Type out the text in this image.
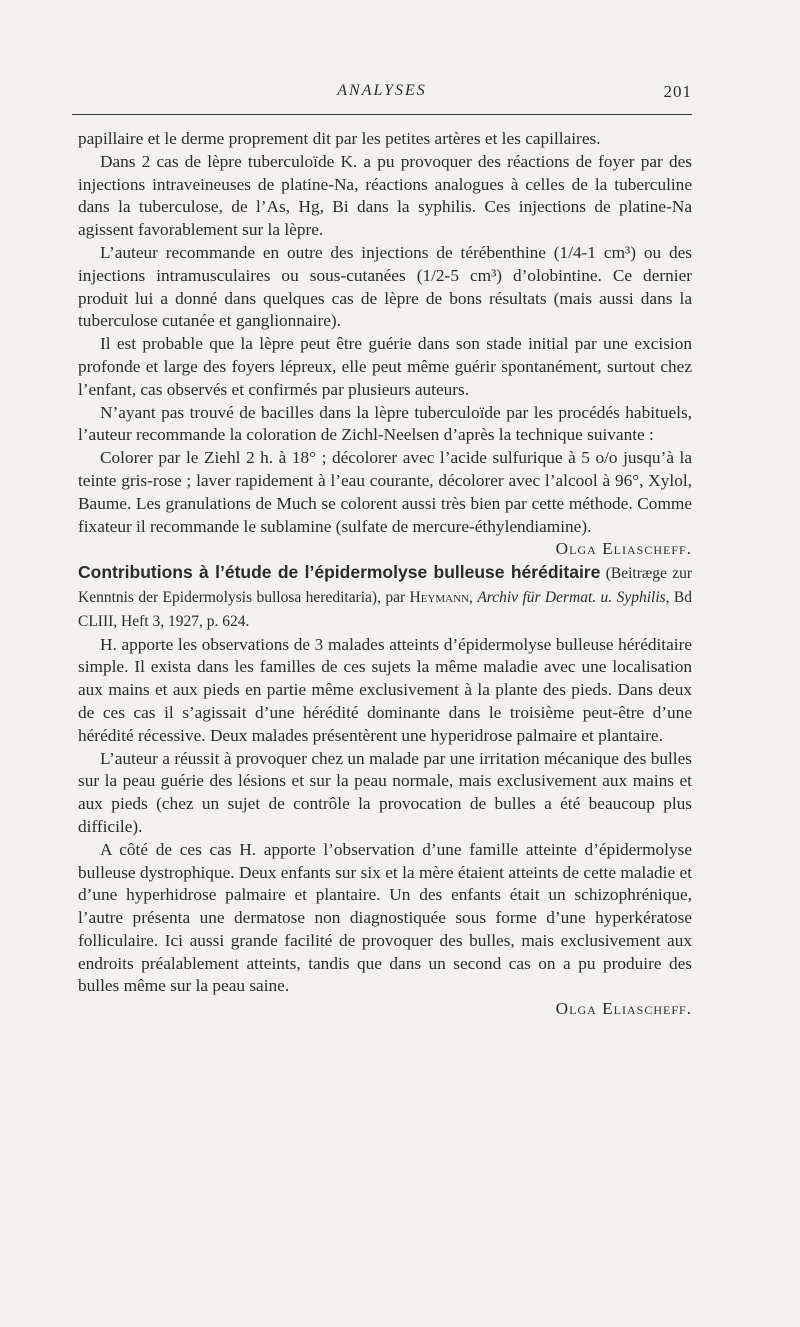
ANALYSES	201

papillaire et le derme proprement dit par les petites artères et les capillaires.

Dans 2 cas de lèpre tuberculoïde K. a pu provoquer des réactions de foyer par des injections intraveineuses de platine-Na, réactions analogues à celles de la tuberculine dans la tuberculose, de l’As, Hg, Bi dans la syphilis. Ces injections de platine-Na agissent favorablement sur la lèpre.

L’auteur recommande en outre des injections de térébenthine (1/4-1 cm³) ou des injections intramusculaires ou sous-cutanées (1/2-5 cm³) d’olobintine. Ce dernier produit lui a donné dans quelques cas de lèpre de bons résultats (mais aussi dans la tuberculose cutanée et ganglionnaire).

Il est probable que la lèpre peut être guérie dans son stade initial par une excision profonde et large des foyers lépreux, elle peut même guérir spontanément, surtout chez l’enfant, cas observés et confirmés par plusieurs auteurs.

N’ayant pas trouvé de bacilles dans la lèpre tuberculoïde par les procédés habituels, l’auteur recommande la coloration de Zichl-Neelsen d’après la technique suivante :

Colorer par le Ziehl 2 h. à 18° ; décolorer avec l’acide sulfurique à 5 o/o jusqu’à la teinte gris-rose ; laver rapidement à l’eau courante, décolorer avec l’alcool à 96°, Xylol, Baume. Les granulations de Much se colorent aussi très bien par cette méthode. Comme fixateur il recommande le sublamine (sulfate de mercure-éthylendiamine).

Olga Eliascheff.

Contributions à l’étude de l’épidermolyse bulleuse héréditaire (Beitræge zur Kenntnis der Epidermolysis bullosa hereditaria), par Heymann, Archiv für Dermat. u. Syphilis, Bd CLIII, Heft 3, 1927, p. 624.

H. apporte les observations de 3 malades atteints d’épidermolyse bulleuse héréditaire simple. Il exista dans les familles de ces sujets la même maladie avec une localisation aux mains et aux pieds en partie même exclusivement à la plante des pieds. Dans deux de ces cas il s’agissait d’une hérédité dominante dans le troisième peut-être d’une hérédité récessive. Deux malades présentèrent une hyperidrose palmaire et plantaire.

L’auteur a réussit à provoquer chez un malade par une irritation mécanique des bulles sur la peau guérie des lésions et sur la peau normale, mais exclusivement aux mains et aux pieds (chez un sujet de contrôle la provocation de bulles a été beaucoup plus difficile).

A côté de ces cas H. apporte l’observation d’une famille atteinte d’épidermolyse bulleuse dystrophique. Deux enfants sur six et la mère étaient atteints de cette maladie et d’une hyperhidrose palmaire et plantaire. Un des enfants était un schizophrénique, l’autre présenta une dermatose non diagnostiquée sous forme d’une hyperkératose folliculaire. Ici aussi grande facilité de provoquer des bulles, mais exclusivement aux endroits préalablement atteints, tandis que dans un second cas on a pu produire des bulles même sur la peau saine.

Olga Eliascheff.
